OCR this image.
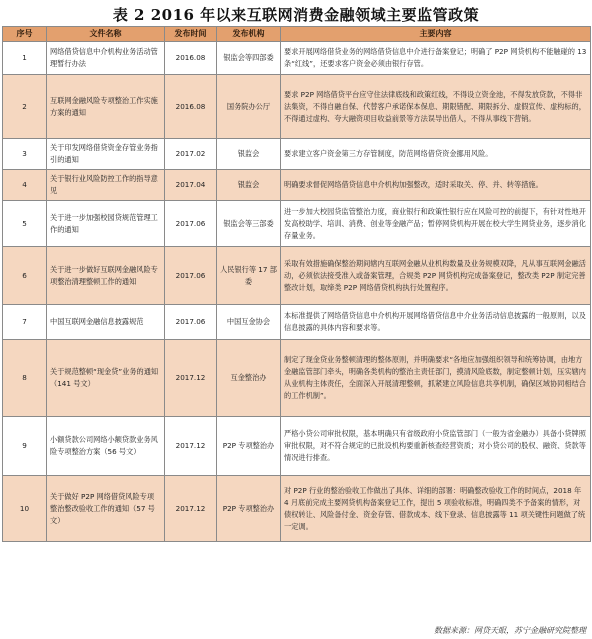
表 2 2016 年以来互联网消费金融领域主要监管政策
序号	文件名称	发布时间	发布机构	主要内容
1	网络借贷信息中介机构业务活动管理暂行办法	2016.08	银监会等四部委	要求开展网络借贷业务的网络借贷信息中介进行备案登记；明确了 P2P 网贷机构不能触碰的 13 条“红线”，还要求客户资金必须由银行存管。
2	互联网金融风险专项整治工作实施方案的通知	2016.08	国务院办公厅	要求 P2P 网络借贷平台应守住法律底线和政策红线，不得设立资金池，不得发放贷款，不得非法集资，不得自融自保、代替客户承诺保本保息、期限错配、期限拆分、虚假宣传、虚构标的，不得通过虚构、夸大融资项目收益前景等方法误导出借人，不得从事线下营销。
3	关于印发网络借贷资金存管业务指引的通知	2017.02	银监会	要求建立客户资金第三方存管制度，防范网络借贷资金挪用风险。
4	关于银行业风险防控工作的指导意见	2017.04	银监会	明确要求督促网络借贷信息中介机构加强整改，适时采取关、停、并、转等措施。
5	关于进一步加强校园贷规范管理工作的通知	2017.06	银监会等三部委	进一步加大校园贷监管整治力度，商业银行和政策性银行应在风险可控的前提下，有针对性地开发高校助学、培训、消费、创业等金融产品；暂停网贷机构开展在校大学生网贷业务，逐步消化存量业务。
6	关于进一步做好互联网金融风险专项整治清理整顿工作的通知	2017.06	人民银行等 17 部委	采取有效措施确保整治期间辖内互联网金融从业机构数量及业务规模双降，凡从事互联网金融活动，必须依法接受准入或备案管理，合规类 P2P 网贷机构完成备案登记，整改类 P2P 制定完善整改计划，取缔类 P2P 网络借贷机构执行处置程序。
7	中国互联网金融信息披露规范	2017.06	中国互金协会	本标准提供了网络借贷信息中介机构开展网络借贷信息中介业务活动信息披露的一般原则，以及信息披露的具体内容和要求等。
8	关于规范整顿“现金贷”业务的通知（141 号文）	2017.12	互金整治办	制定了现金贷业务整顿清理的整体原则，并明确要求“各地应加强组织领导和统筹协调，由地方金融监管部门牵头，明确各类机构的整治主责任部门，摸清风险底数，制定整顿计划，压实辖内从业机构主体责任，全面深入开展清理整顿，抓紧建立风险信息共享机制，确保区域协同相结合的工作机制”。
9	小额贷款公司网络小额贷款业务风险专项整治方案（56 号文）	2017.12	P2P 专项整治办	严格小贷公司审批权限，基本明确只有省级政府小贷监管部门（一般为省金融办）具备小贷牌照审批权限，对不符合规定的已批设机构要重新核查经营资质；对小贷公司的股权、融资、贷款等情况进行排查。
10	关于做好 P2P 网络借贷风险专项整治整改验收工作的通知（57 号文）	2017.12	P2P 专项整治办	对 P2P 行业的整治验收工作做出了具体、详细的部署：明确整改验收工作的时间点，2018 年 4 月底前完成主要网贷机构备案登记工作，提出 5 项验收标准，明确四类不予备案的情形，对债权转让、风险备付金、资金存管、借款成本、线下登录、信息披露等 11 项关键性问题做了统一定调。
数据来源：网贷天眼，苏宁金融研究院整理
